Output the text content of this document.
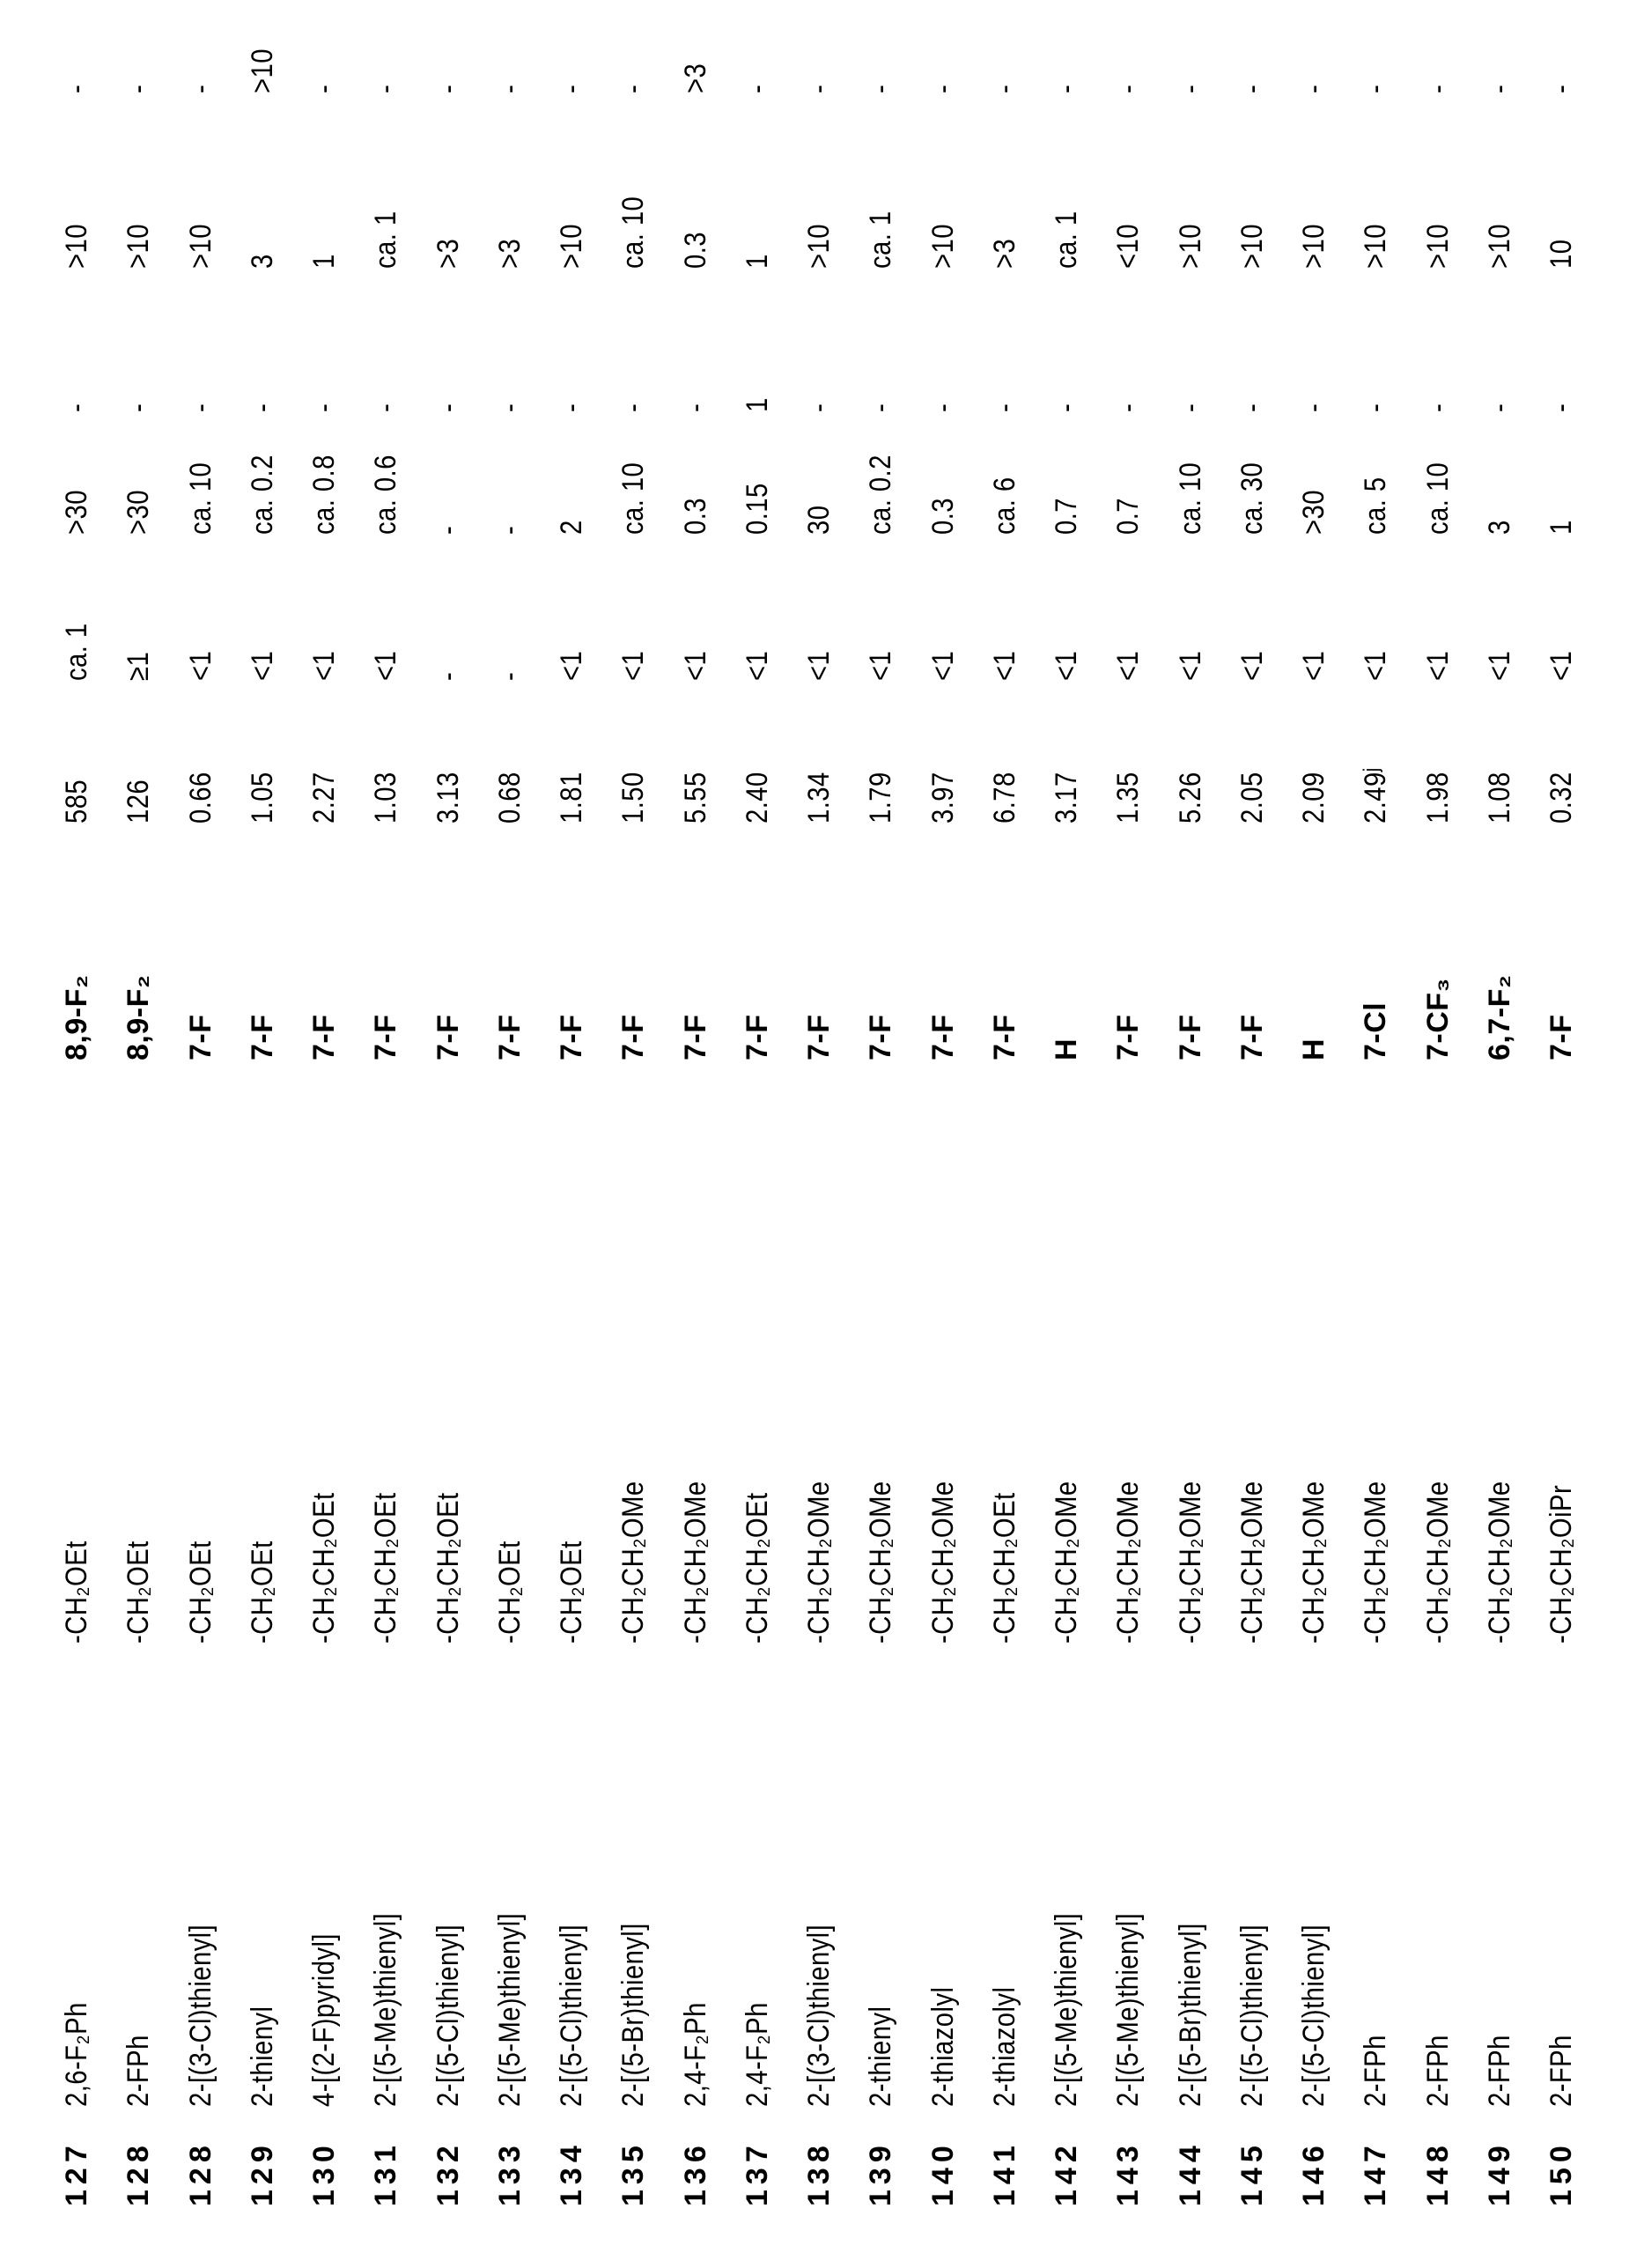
127
2,6-F₂Ph
-CH₂OEt
8,9-F₂
585
ca. 1
>30
-
>10
-
128
2-FPh
-CH₂OEt
8,9-F₂
126
≥1
>30
-
>10
-
128
2-[(3-Cl)thienyl]
-CH₂OEt
7-F
0.66
<1
ca. 10
-
>10
-
129
2-thienyl
-CH₂OEt
7-F
1.05
<1
ca. 0.2
-
3
>10
130
4-[(2-F)pyridyl]
-CH₂CH₂OEt
7-F
2.27
<1
ca. 0.8
-
1
-
131
2-[(5-Me)thienyl]
-CH₂CH₂OEt
7-F
1.03
<1
ca. 0.6
-
ca. 1
-
132
2-[(5-Cl)thienyl]
-CH₂CH₂OEt
7-F
3.13
-
-
-
>3
-
133
2-[(5-Me)thienyl]
-CH₂OEt
7-F
0.68
-
-
-
>3
-
134
2-[(5-Cl)thienyl]
-CH₂OEt
7-F
1.81
<1
2
-
>10
-
135
2-[(5-Br)thienyl]
-CH₂CH₂OMe
7-F
1.50
<1
ca. 10
-
ca. 10
-
136
2,4-F₂Ph
-CH₂CH₂OMe
7-F
5.55
<1
0.3
-
0.3
>3
137
2,4-F₂Ph
-CH₂CH₂OEt
7-F
2.40
<1
0.15
1
1
-
138
2-[(3-Cl)thienyl]
-CH₂CH₂OMe
7-F
1.34
<1
30
-
>10
-
139
2-thienyl
-CH₂CH₂OMe
7-F
1.79
<1
ca. 0.2
-
ca. 1
-
140
2-thiazolyl
-CH₂CH₂OMe
7-F
3.97
<1
0.3
-
>10
-
141
2-thiazolyl
-CH₂CH₂OEt
7-F
6.78
<1
ca. 6
-
>3
-
142
2-[(5-Me)thienyl]
-CH₂CH₂OMe
H
3.17
<1
0.7
-
ca. 1
-
143
2-[(5-Me)thienyl]
-CH₂CH₂OMe
7-F
1.35
<1
0.7
-
<10
-
144
2-[(5-Br)thienyl]
-CH₂CH₂OMe
7-F
5.26
<1
ca. 10
-
>10
-
145
2-[(5-Cl)thienyl]
-CH₂CH₂OMe
7-F
2.05
<1
ca. 30
-
>10
-
146
2-[(5-Cl)thienyl]
-CH₂CH₂OMe
H
2.09
<1
>30
-
>10
-
147
2-FPh
-CH₂CH₂OMe
7-Cl
2.49ʲ
<1
ca. 5
-
>10
-
148
2-FPh
-CH₂CH₂OMe
7-CF₃
1.98
<1
ca. 10
-
>10
-
149
2-FPh
-CH₂CH₂OMe
6,7-F₂
1.08
<1
3
-
>10
-
150
2-FPh
-CH₂CH₂OiPr
7-F
0.32
<1
1
-
10
-
